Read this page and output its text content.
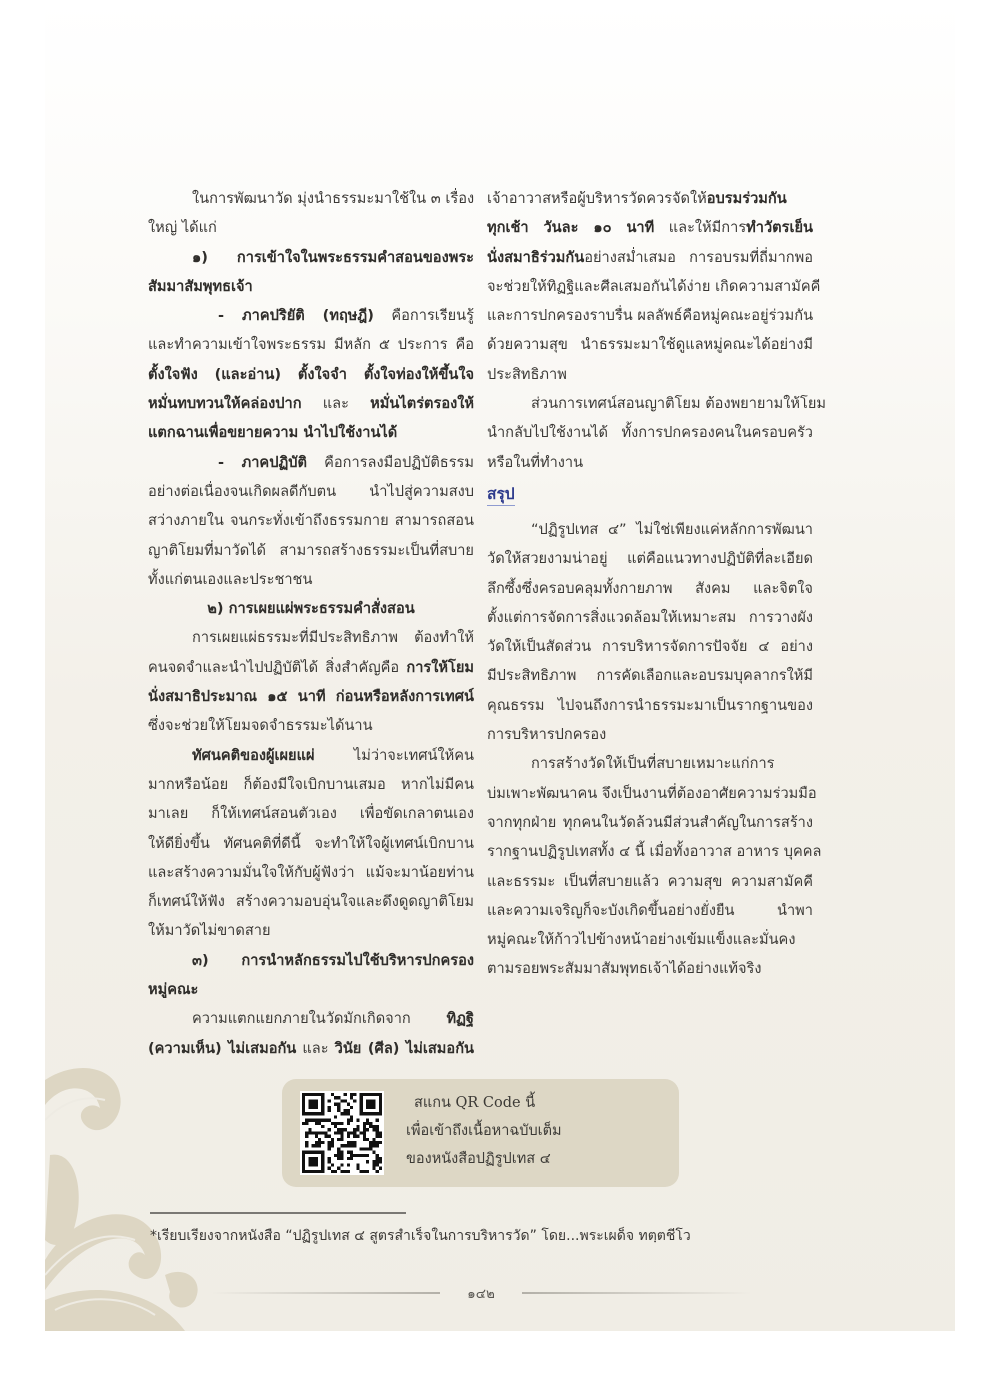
ในการพัฒนาวัด มุ่งนำธรรมะมาใช้ใน ๓ เรื่อง
ใหญ่ ได้แก่
๑) การเข้าใจในพระธรรมคำสอนของพระ
สัมมาสัมพุทธเจ้า
- ภาคปริยัติ (ทฤษฎี) คือการเรียนรู้
และทำความเข้าใจพระธรรม มีหลัก ๕ ประการ คือ
ตั้งใจฟัง (และอ่าน) ตั้งใจจำ ตั้งใจท่องให้ขึ้นใจ
หมั่นทบทวนให้คล่องปาก และ หมั่นไตร่ตรองให้
แตกฉานเพื่อขยายความ นำไปใช้งานได้
- ภาคปฏิบัติ คือการลงมือปฏิบัติธรรม
อย่างต่อเนื่องจนเกิดผลดีกับตน นำไปสู่ความสงบ
สว่างภายใน จนกระทั่งเข้าถึงธรรมกาย สามารถสอน
ญาติโยมที่มาวัดได้ สามารถสร้างธรรมะเป็นที่สบาย
ทั้งแก่ตนเองและประชาชน
๒) การเผยแผ่พระธรรมคำสั่งสอน
การเผยแผ่ธรรมะที่มีประสิทธิภาพ ต้องทำให้
คนจดจำและนำไปปฏิบัติได้ สิ่งสำคัญคือ การให้โยม
นั่งสมาธิประมาณ ๑๕ นาที ก่อนหรือหลังการเทศน์
ซึ่งจะช่วยให้โยมจดจำธรรมะได้นาน
ทัศนคติของผู้เผยแผ่ ไม่ว่าจะเทศน์ให้คน
มากหรือน้อย ก็ต้องมีใจเบิกบานเสมอ หากไม่มีคน
มาเลย ก็ให้เทศน์สอนตัวเอง เพื่อขัดเกลาตนเอง
ให้ดียิ่งขึ้น ทัศนคติที่ดีนี้ จะทำให้ใจผู้เทศน์เบิกบาน
และสร้างความมั่นใจให้กับผู้ฟังว่า แม้จะมาน้อยท่าน
ก็เทศน์ให้ฟัง สร้างความอบอุ่นใจและดึงดูดญาติโยม
ให้มาวัดไม่ขาดสาย
๓) การนำหลักธรรมไปใช้บริหารปกครอง
หมู่คณะ
ความแตกแยกภายในวัดมักเกิดจาก ทิฏฐิ
(ความเห็น) ไม่เสมอกัน และ วินัย (ศีล) ไม่เสมอกัน
เจ้าอาวาสหรือผู้บริหารวัดควรจัดให้อบรมร่วมกัน
ทุกเช้า วันละ ๑๐ นาที และให้มีการทำวัตรเย็น
นั่งสมาธิร่วมกันอย่างสม่ำเสมอ การอบรมที่ถี่มากพอ
จะช่วยให้ทิฏฐิและศีลเสมอกันได้ง่าย เกิดความสามัคคี
และการปกครองราบรื่น ผลลัพธ์คือหมู่คณะอยู่ร่วมกัน
ด้วยความสุข นำธรรมะมาใช้ดูแลหมู่คณะได้อย่างมี
ประสิทธิภาพ
ส่วนการเทศน์สอนญาติโยม ต้องพยายามให้โยม
นำกลับไปใช้งานได้ ทั้งการปกครองคนในครอบครัว
หรือในที่ทำงาน
สรุป
“ปฏิรูปเทส ๔” ไม่ใช่เพียงแค่หลักการพัฒนา
วัดให้สวยงามน่าอยู่ แต่คือแนวทางปฏิบัติที่ละเอียด
ลึกซึ้งซึ่งครอบคลุมทั้งกายภาพ สังคม และจิตใจ
ตั้งแต่การจัดการสิ่งแวดล้อมให้เหมาะสม การวางผัง
วัดให้เป็นสัดส่วน การบริหารจัดการปัจจัย ๔ อย่าง
มีประสิทธิภาพ การคัดเลือกและอบรมบุคลากรให้มี
คุณธรรม ไปจนถึงการนำธรรมะมาเป็นรากฐานของ
การบริหารปกครอง
การสร้างวัดให้เป็นที่สบายเหมาะแก่การ
บ่มเพาะพัฒนาคน จึงเป็นงานที่ต้องอาศัยความร่วมมือ
จากทุกฝ่าย ทุกคนในวัดล้วนมีส่วนสำคัญในการสร้าง
รากฐานปฏิรูปเทสทั้ง ๔ นี้ เมื่อทั้งอาวาส อาหาร บุคคล
และธรรมะ เป็นที่สบายแล้ว ความสุข ความสามัคคี
และความเจริญก็จะบังเกิดขึ้นอย่างยั่งยืน นำพา
หมู่คณะให้ก้าวไปข้างหน้าอย่างเข้มแข็งและมั่นคง
ตามรอยพระสัมมาสัมพุทธเจ้าได้อย่างแท้จริง
สแกน QR Code นี้
เพื่อเข้าถึงเนื้อหาฉบับเต็ม
ของหนังสือปฏิรูปเทส ๔
*เรียบเรียงจากหนังสือ “ปฏิรูปเทส ๔ สูตรสำเร็จในการบริหารวัด” โดย...พระเผด็จ ทตฺตชีโว
๑๔๒
